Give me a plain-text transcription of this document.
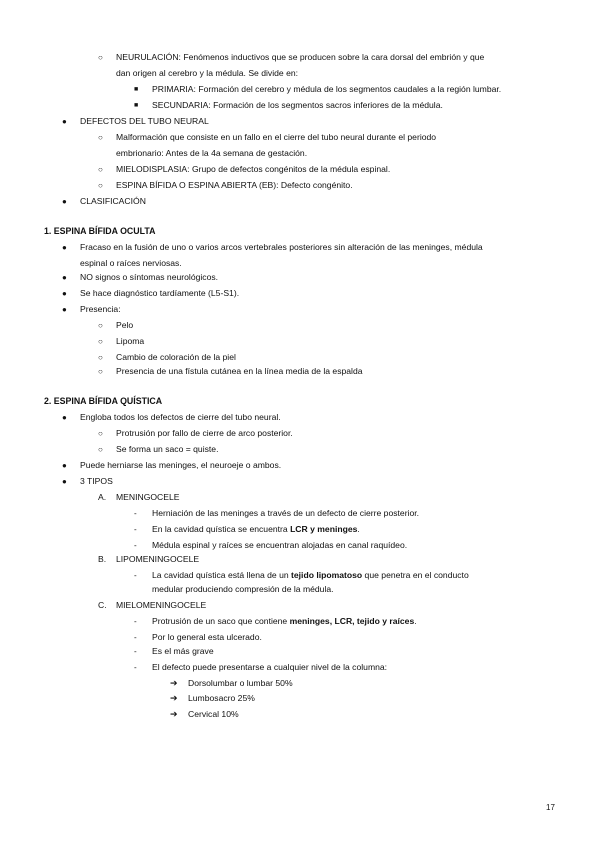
○ NEURULACIÓN: Fenómenos inductivos que se producen sobre la cara dorsal del embrión y que
dan origen al cerebro y la médula. Se divide en:
■ PRIMARIA: Formación del cerebro y médula de los segmentos caudales a la región lumbar.
■ SECUNDARIA: Formación de los segmentos sacros inferiores de la médula.
● DEFECTOS DEL TUBO NEURAL
○ Malformación que consiste en un fallo en el cierre del tubo neural durante el periodo
embrionario: Antes de la 4a semana de gestación.
○ MIELODISPLASIA: Grupo de defectos congénitos de la médula espinal.
○ ESPINA BÍFIDA O ESPINA ABIERTA (EB): Defecto congénito.
● CLASIFICACIÓN
1. ESPINA BÍFIDA OCULTA
● Fracaso en la fusión de uno o varios arcos vertebrales posteriores sin alteración de las meninges, médula
espinal o raíces nerviosas.
● NO signos o síntomas neurológicos.
● Se hace diagnóstico tardíamente (L5-S1).
● Presencia:
○ Pelo
○ Lipoma
○ Cambio de coloración de la piel
○ Presencia de una fístula cutánea en la línea media de la espalda
2. ESPINA BÍFIDA QUÍSTICA
● Engloba todos los defectos de cierre del tubo neural.
○ Protrusión por fallo de cierre de arco posterior.
○ Se forma un saco = quiste.
● Puede herniarse las meninges, el neuroeje o ambos.
● 3 TIPOS
A. MENINGOCELE
- Herniación de las meninges a través de un defecto de cierre posterior.
- En la cavidad quística se encuentra LCR y meninges.
- Médula espinal y raíces se encuentran alojadas en canal raquídeo.
B. LIPOMENINGOCELE
- La cavidad quística está llena de un tejido lipomatoso que penetra en el conducto
medular produciendo compresión de la médula.
C. MIELOMENINGOCELE
- Protrusión de un saco que contiene meninges, LCR, tejido y raíces.
- Por lo general esta ulcerado.
- Es el más grave
- El defecto puede presentarse a cualquier nivel de la columna:
➔ Dorsolumbar o lumbar 50%
➔ Lumbosacro 25%
➔ Cervical 10%
17
